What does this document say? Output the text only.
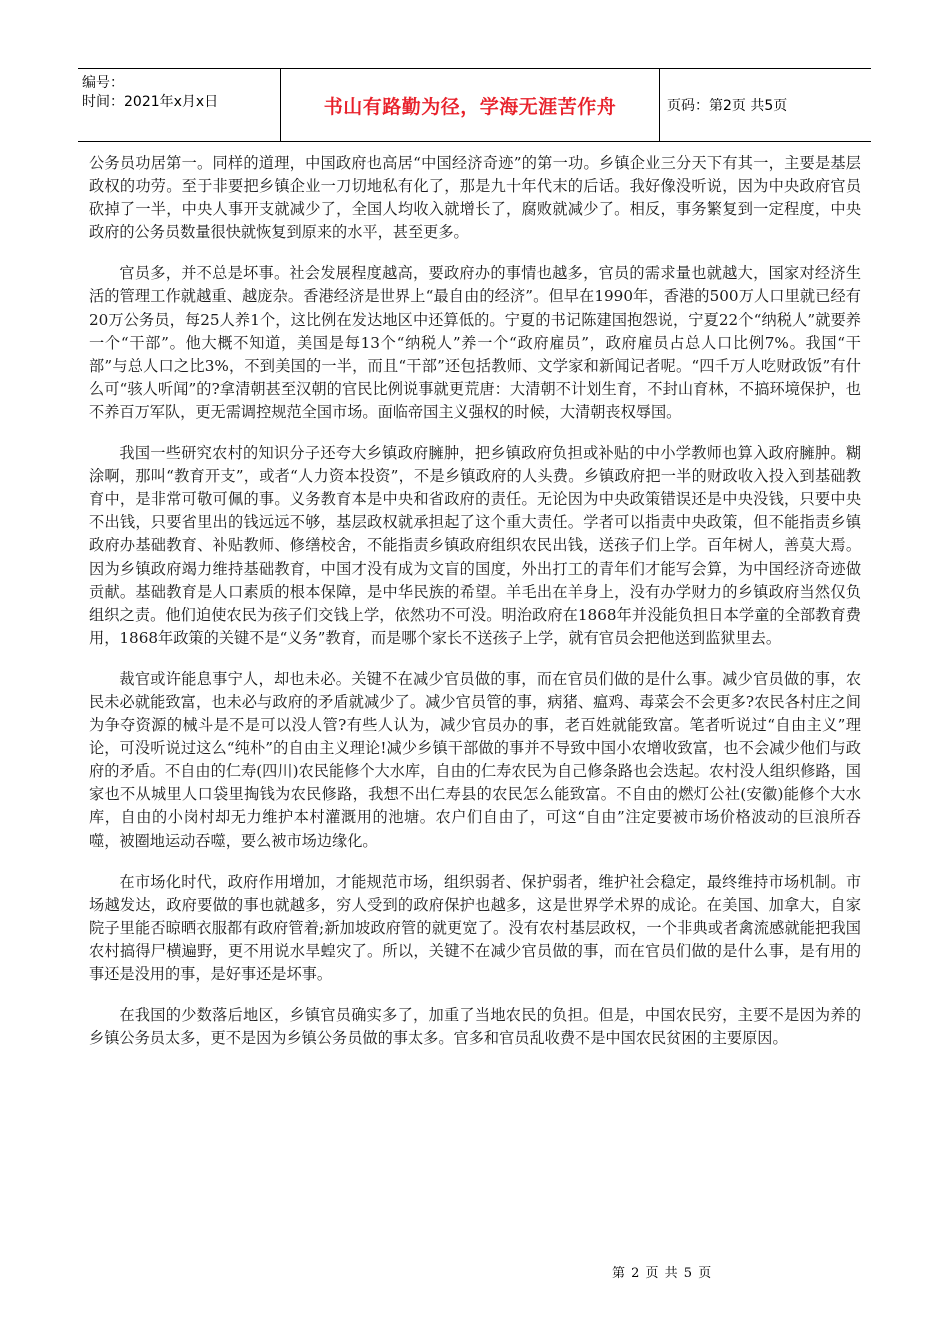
编号：
时间：2021年x月x日	书山有路勤为径，学海无涯苦作舟	页码：第2页 共5页

公务员功居第一。同样的道理，中国政府也高居“中国经济奇迹”的第一功。乡镇企业三分天下有其一，主要是基层政权的功劳。至于非要把乡镇企业一刀切地私有化了，那是九十年代末的后话。我好像没听说，因为中央政府官员砍掉了一半，中央人事开支就减少了，全国人均收入就增长了，腐败就减少了。相反，事务繁复到一定程度，中央政府的公务员数量很快就恢复到原来的水平，甚至更多。

官员多，并不总是坏事。社会发展程度越高，要政府办的事情也越多，官员的需求量也就越大，国家对经济生活的管理工作就越重、越庞杂。香港经济是世界上“最自由的经济”。但早在1990年，香港的500万人口里就已经有20万公务员，每25人养1个，这比例在发达地区中还算低的。宁夏的书记陈建国抱怨说，宁夏22个“纳税人”就要养一个“干部”。他大概不知道，美国是每13个“纳税人”养一个“政府雇员”，政府雇员占总人口比例7%。我国“干部”与总人口之比3%，不到美国的一半，而且“干部”还包括教师、文学家和新闻记者呢。“四千万人吃财政饭”有什么可“骇人听闻”的?拿清朝甚至汉朝的官民比例说事就更荒唐：大清朝不计划生育，不封山育林，不搞环境保护，也不养百万军队，更无需调控规范全国市场。面临帝国主义强权的时候，大清朝丧权辱国。

我国一些研究农村的知识分子还夸大乡镇政府臃肿，把乡镇政府负担或补贴的中小学教师也算入政府臃肿。糊涂啊，那叫“教育开支”，或者“人力资本投资”，不是乡镇政府的人头费。乡镇政府把一半的财政收入投入到基础教育中，是非常可敬可佩的事。义务教育本是中央和省政府的责任。无论因为中央政策错误还是中央没钱，只要中央不出钱，只要省里出的钱远远不够，基层政权就承担起了这个重大责任。学者可以指责中央政策，但不能指责乡镇政府办基础教育、补贴教师、修缮校舍，不能指责乡镇政府组织农民出钱，送孩子们上学。百年树人，善莫大焉。因为乡镇政府竭力维持基础教育，中国才没有成为文盲的国度，外出打工的青年们才能写会算，为中国经济奇迹做贡献。基础教育是人口素质的根本保障，是中华民族的希望。羊毛出在羊身上，没有办学财力的乡镇政府当然仅负组织之责。他们迫使农民为孩子们交钱上学，依然功不可没。明治政府在1868年并没能负担日本学童的全部教育费用，1868年政策的关键不是“义务”教育，而是哪个家长不送孩子上学，就有官员会把他送到监狱里去。

裁官或许能息事宁人，却也未必。关键不在减少官员做的事，而在官员们做的是什么事。减少官员做的事，农民未必就能致富，也未必与政府的矛盾就减少了。减少官员管的事，病猪、瘟鸡、毒菜会不会更多?农民各村庄之间为争夺资源的械斗是不是可以没人管?有些人认为，减少官员办的事，老百姓就能致富。笔者听说过“自由主义”理论，可没听说过这么“纯朴”的自由主义理论!减少乡镇干部做的事并不导致中国小农增收致富，也不会减少他们与政府的矛盾。不自由的仁寿(四川)农民能修个大水库，自由的仁寿农民为自己修条路也会迭起。农村没人组织修路，国家也不从城里人口袋里掏钱为农民修路，我想不出仁寿县的农民怎么能致富。不自由的燃灯公社(安徽)能修个大水库，自由的小岗村却无力维护本村灌溉用的池塘。农户们自由了，可这“自由”注定要被市场价格波动的巨浪所吞噬，被圈地运动吞噬，要么被市场边缘化。

在市场化时代，政府作用增加，才能规范市场，组织弱者、保护弱者，维护社会稳定，最终维持市场机制。市场越发达，政府要做的事也就越多，穷人受到的政府保护也越多，这是世界学术界的成论。在美国、加拿大，自家院子里能否晾晒衣服都有政府管着;新加坡政府管的就更宽了。没有农村基层政权，一个非典或者禽流感就能把我国农村搞得尸横遍野，更不用说水旱蝗灾了。所以，关键不在减少官员做的事，而在官员们做的是什么事，是有用的事还是没用的事，是好事还是坏事。

在我国的少数落后地区，乡镇官员确实多了，加重了当地农民的负担。但是，中国农民穷，主要不是因为养的乡镇公务员太多，更不是因为乡镇公务员做的事太多。官多和官员乱收费不是中国农民贫困的主要原因。

第 2 页 共 5 页
